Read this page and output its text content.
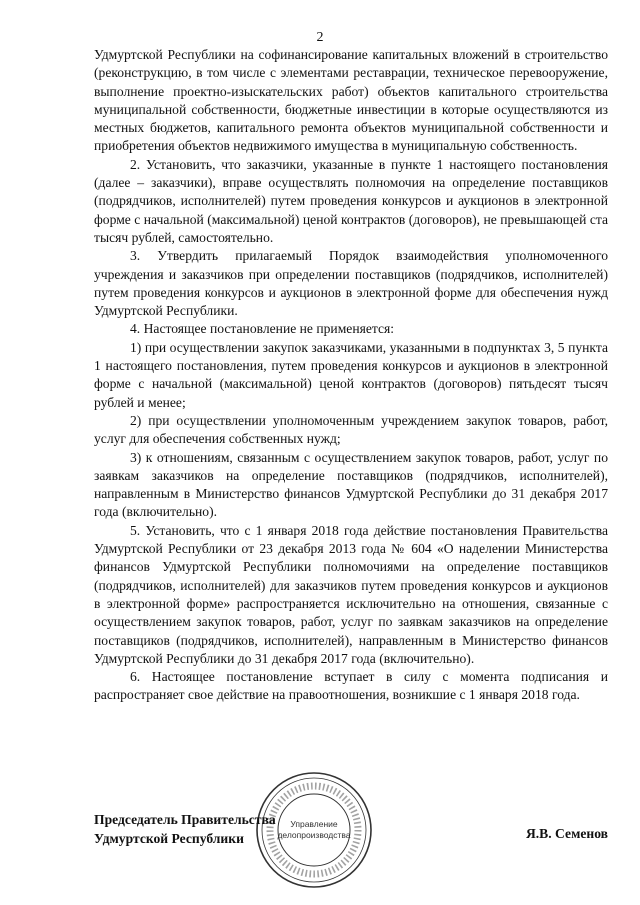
2

Удмуртской Республики на софинансирование капитальных вложений в строительство (реконструкцию, в том числе с элементами реставрации, техническое перевооружение, выполнение проектно-изыскательских работ) объектов капитального строительства муниципальной собственности, бюджетные инвестиции в которые осуществляются из местных бюджетов, капитального ремонта объектов муниципальной собственности и приобретения объектов недвижимого имущества в муниципальную собственность.

2. Установить, что заказчики, указанные в пункте 1 настоящего постановления (далее – заказчики), вправе осуществлять полномочия на определение поставщиков (подрядчиков, исполнителей) путем проведения конкурсов и аукционов в электронной форме с начальной (максимальной) ценой контрактов (договоров), не превышающей ста тысяч рублей, самостоятельно.

3. Утвердить прилагаемый Порядок взаимодействия уполномоченного учреждения и заказчиков при определении поставщиков (подрядчиков, исполнителей) путем проведения конкурсов и аукционов в электронной форме для обеспечения нужд Удмуртской Республики.

4. Настоящее постановление не применяется:

1) при осуществлении закупок заказчиками, указанными в подпунктах 3, 5 пункта 1 настоящего постановления, путем проведения конкурсов и аукционов в электронной форме с начальной (максимальной) ценой контрактов (договоров) пятьдесят тысяч рублей и менее;

2) при осуществлении уполномоченным учреждением закупок товаров, работ, услуг для обеспечения собственных нужд;

3) к отношениям, связанным с осуществлением закупок товаров, работ, услуг по заявкам заказчиков на определение поставщиков (подрядчиков, исполнителей), направленным в Министерство финансов Удмуртской Республики до 31 декабря 2017 года (включительно).

5. Установить, что с 1 января 2018 года действие постановления Правительства Удмуртской Республики от 23 декабря 2013 года № 604 «О наделении Министерства финансов Удмуртской Республики полномочиями на определение поставщиков (подрядчиков, исполнителей) для заказчиков путем проведения конкурсов и аукционов в электронной форме» распространяется исключительно на отношения, связанные с осуществлением закупок товаров, работ, услуг по заявкам заказчиков на определение поставщиков (подрядчиков, исполнителей), направленным в Министерство финансов Удмуртской Республики до 31 декабря 2017 года (включительно).

6. Настоящее постановление вступает в силу с момента подписания и распространяет свое действие на правоотношения, возникшие с 1 января 2018 года.

Управление
делопроизводства
Председатель Правительства
Удмуртской Республики	Я.В. Семенов
